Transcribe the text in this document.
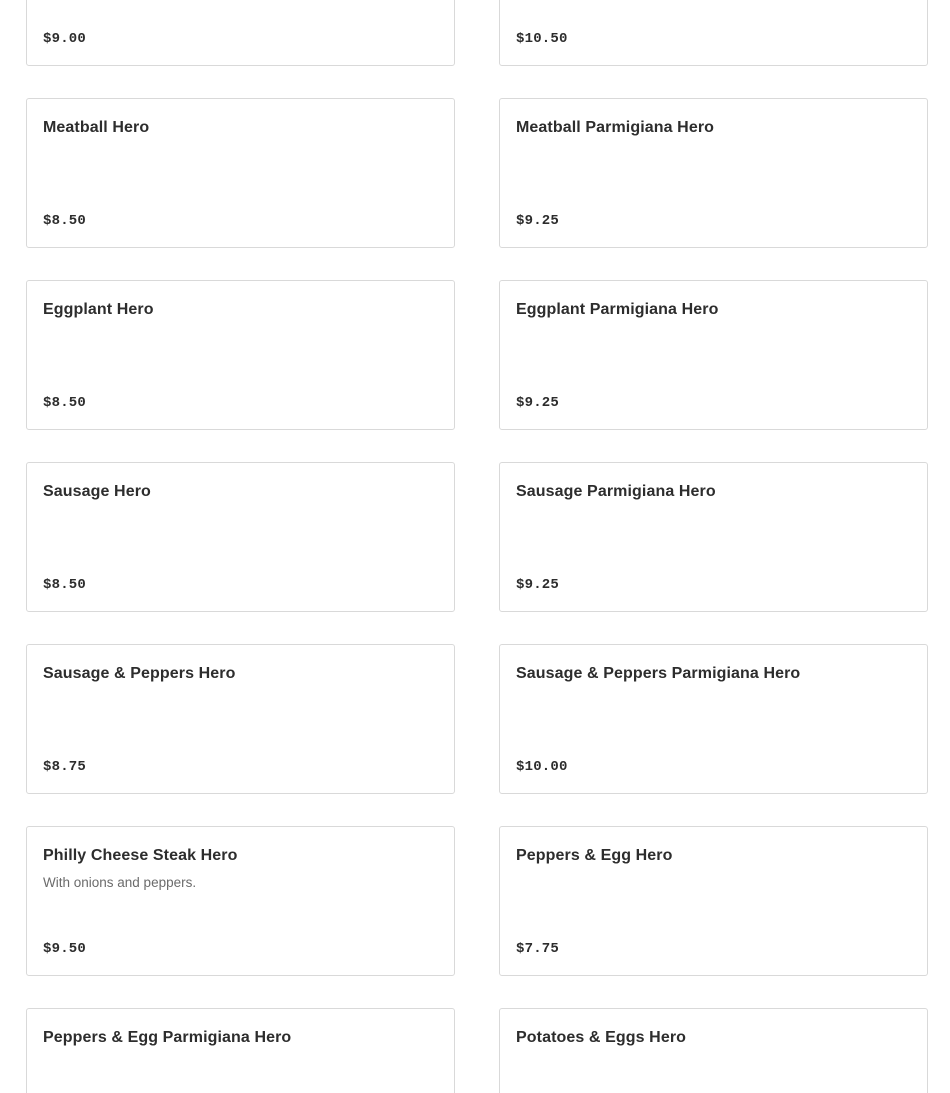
$9.00	$10.50
Meatball Hero
$8.50
Meatball Parmigiana Hero
$9.25
Eggplant Hero
$8.50
Eggplant Parmigiana Hero
$9.25
Sausage Hero
$8.50
Sausage Parmigiana Hero
$9.25
Sausage & Peppers Hero
$8.75
Sausage & Peppers Parmigiana Hero
$10.00
Philly Cheese Steak Hero
With onions and peppers.
$9.50
Peppers & Egg Hero
$7.75
Peppers & Egg Parmigiana Hero	Potatoes & Eggs Hero
